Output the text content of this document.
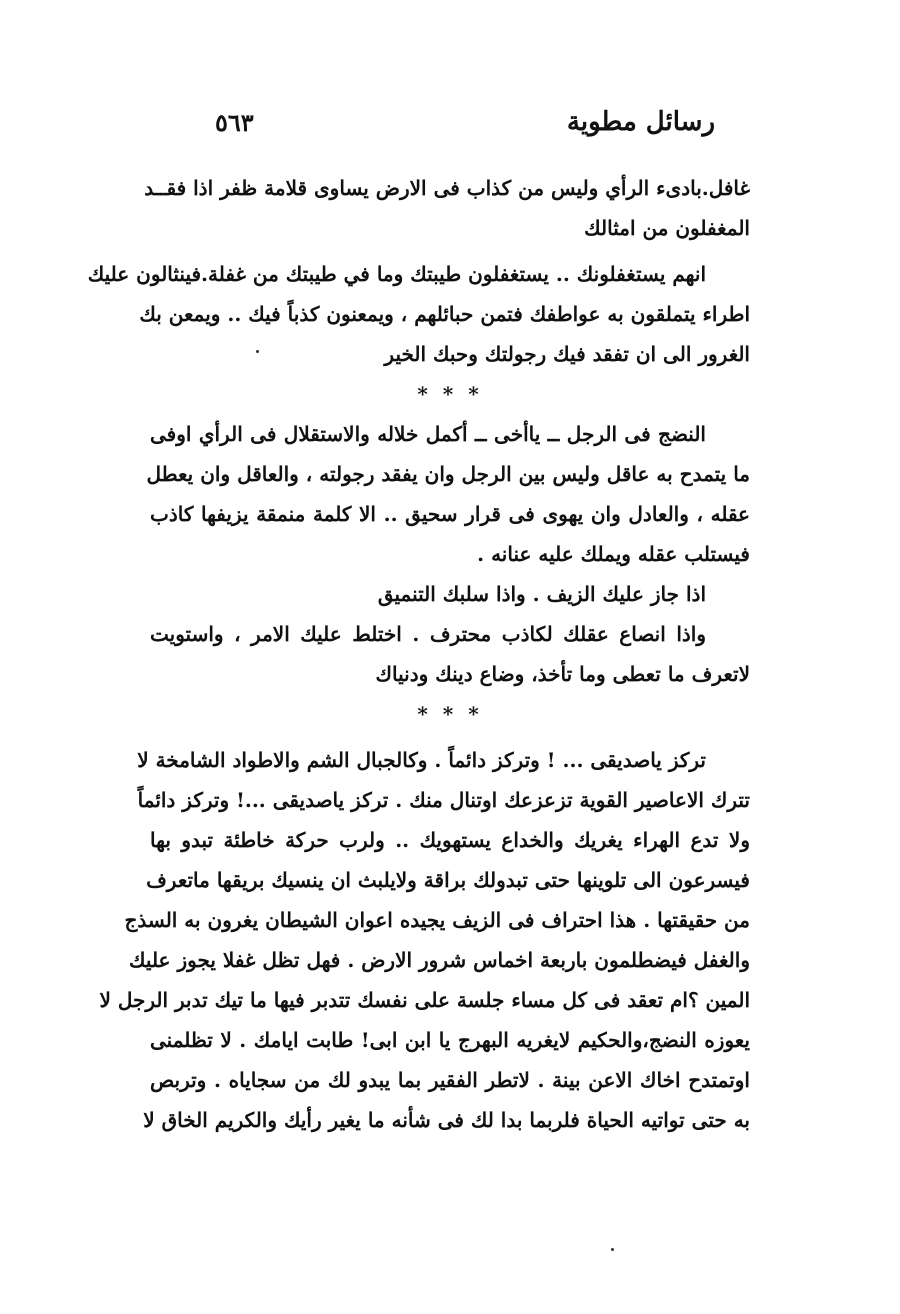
رسائل مطوية
٥٦٣
غافل.بادىء الرأي وليس من كذاب فى الارض يساوى قلامة ظفر اذا فقــد
المغفلون من امثالك
انهم يستغفلونك .. يستغفلون طيبتك وما في طيبتك من غفلة.فينثالون عليك
اطراء يتملقون به عواطفك فتمن حبائلهم ، ويمعنون كذباً فيك .. ويمعن بك
الغرور الى ان تفقد فيك رجولتك وحبك الخير
* * *
النضج فى الرجل ــ ياأخى ــ أكمل خلاله والاستقلال فى الرأي اوفى
ما يتمدح به عاقل وليس بين الرجل وان يفقد رجولته ، والعاقل وان يعطل
عقله ، والعادل وان يهوى فى قرار سحيق .. الا كلمة منمقة يزيفها كاذب
فيستلب عقله ويملك عليه عنانه .
اذا جاز عليك الزيف . واذا سلبك التنميق
واذا انصاع عقلك لكاذب محترف . اختلط عليك الامر ، واستويت
لاتعرف ما تعطى وما تأخذ، وضاع دينك ودنياك
* * *
تركز ياصديقى ... ! وتركز دائماً . وكالجبال الشم والاطواد الشامخة لا
تترك الاعاصير القوية تزعزعك اوتنال منك . تركز ياصديقى ...! وتركز دائماً
ولا تدع الهراء يغريك والخداع يستهويك .. ولرب حركة خاطئة تبدو بها
فيسرعون الى تلوينها حتى تبدولك براقة ولايلبث ان ينسيك بريقها ماتعرف
من حقيقتها . هذا احتراف فى الزيف يجيده اعوان الشيطان يغرون به السذج
والغفل فيضطلمون باربعة اخماس شرور الارض . فهل تظل غفلا يجوز عليك
المين ؟ام تعقد فى كل مساء جلسة على نفسك تتدبر فيها ما تيك تدبر الرجل لا
يعوزه النضج،والحكيم لايغريه البهرج يا ابن ابى! طابت ايامك . لا تظلمنى
اوتمتدح اخاك الاعن بينة . لاتطر الفقير بما يبدو لك من سجاياه . وتربص
به حتى تواتيه الحياة فلربما بدا لك فى شأنه ما يغير رأيك والكريم الخاق لا
